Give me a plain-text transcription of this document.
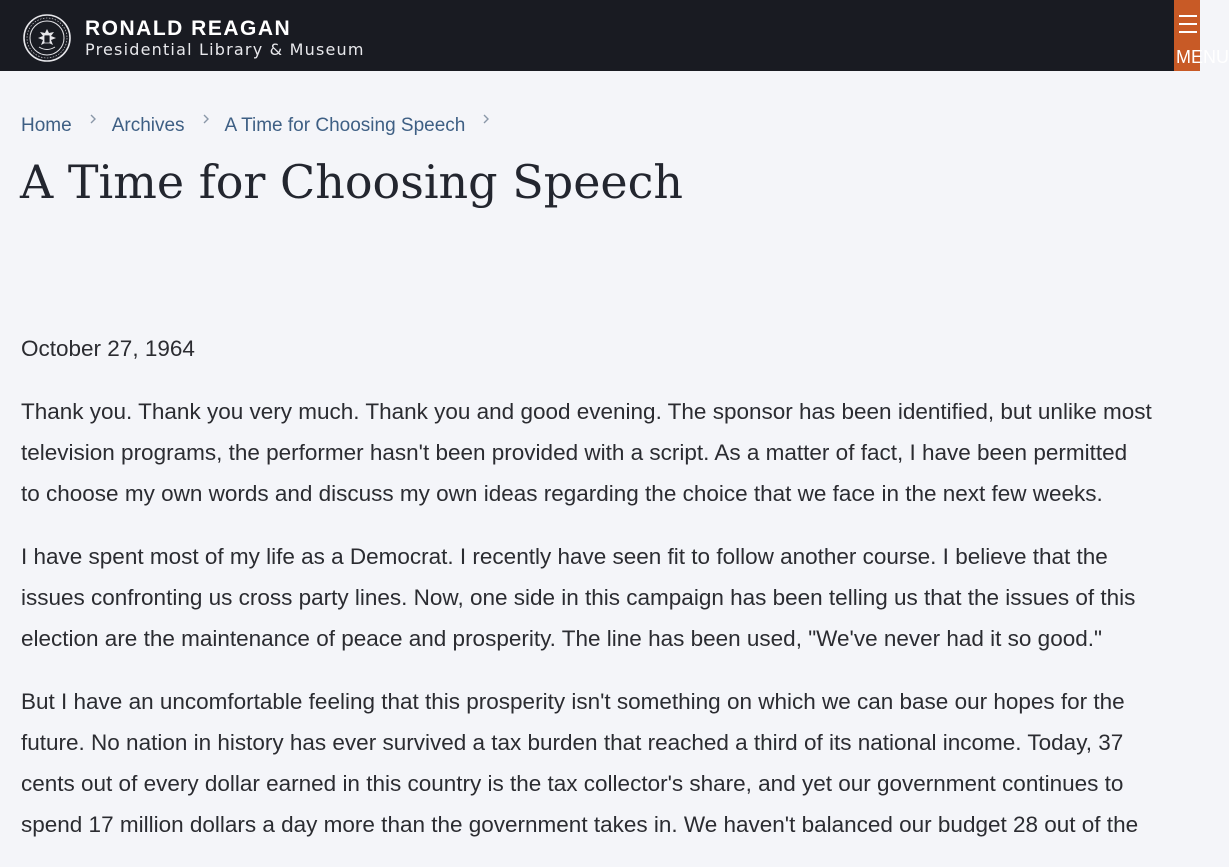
RONALD REAGAN
Presidential Library & Museum	MENU
Home Archives A Time for Choosing Speech
A Time for Choosing Speech

October 27, 1964

Thank you. Thank you very much. Thank you and good evening. The sponsor has been identified, but unlike most
television programs, the performer hasn't been provided with a script. As a matter of fact, I have been permitted
to choose my own words and discuss my own ideas regarding the choice that we face in the next few weeks.

I have spent most of my life as a Democrat. I recently have seen fit to follow another course. I believe that the
issues confronting us cross party lines. Now, one side in this campaign has been telling us that the issues of this
election are the maintenance of peace and prosperity. The line has been used, "We've never had it so good."

But I have an uncomfortable feeling that this prosperity isn't something on which we can base our hopes for the
future. No nation in history has ever survived a tax burden that reached a third of its national income. Today, 37
cents out of every dollar earned in this country is the tax collector's share, and yet our government continues to
spend 17 million dollars a day more than the government takes in. We haven't balanced our budget 28 out of the
